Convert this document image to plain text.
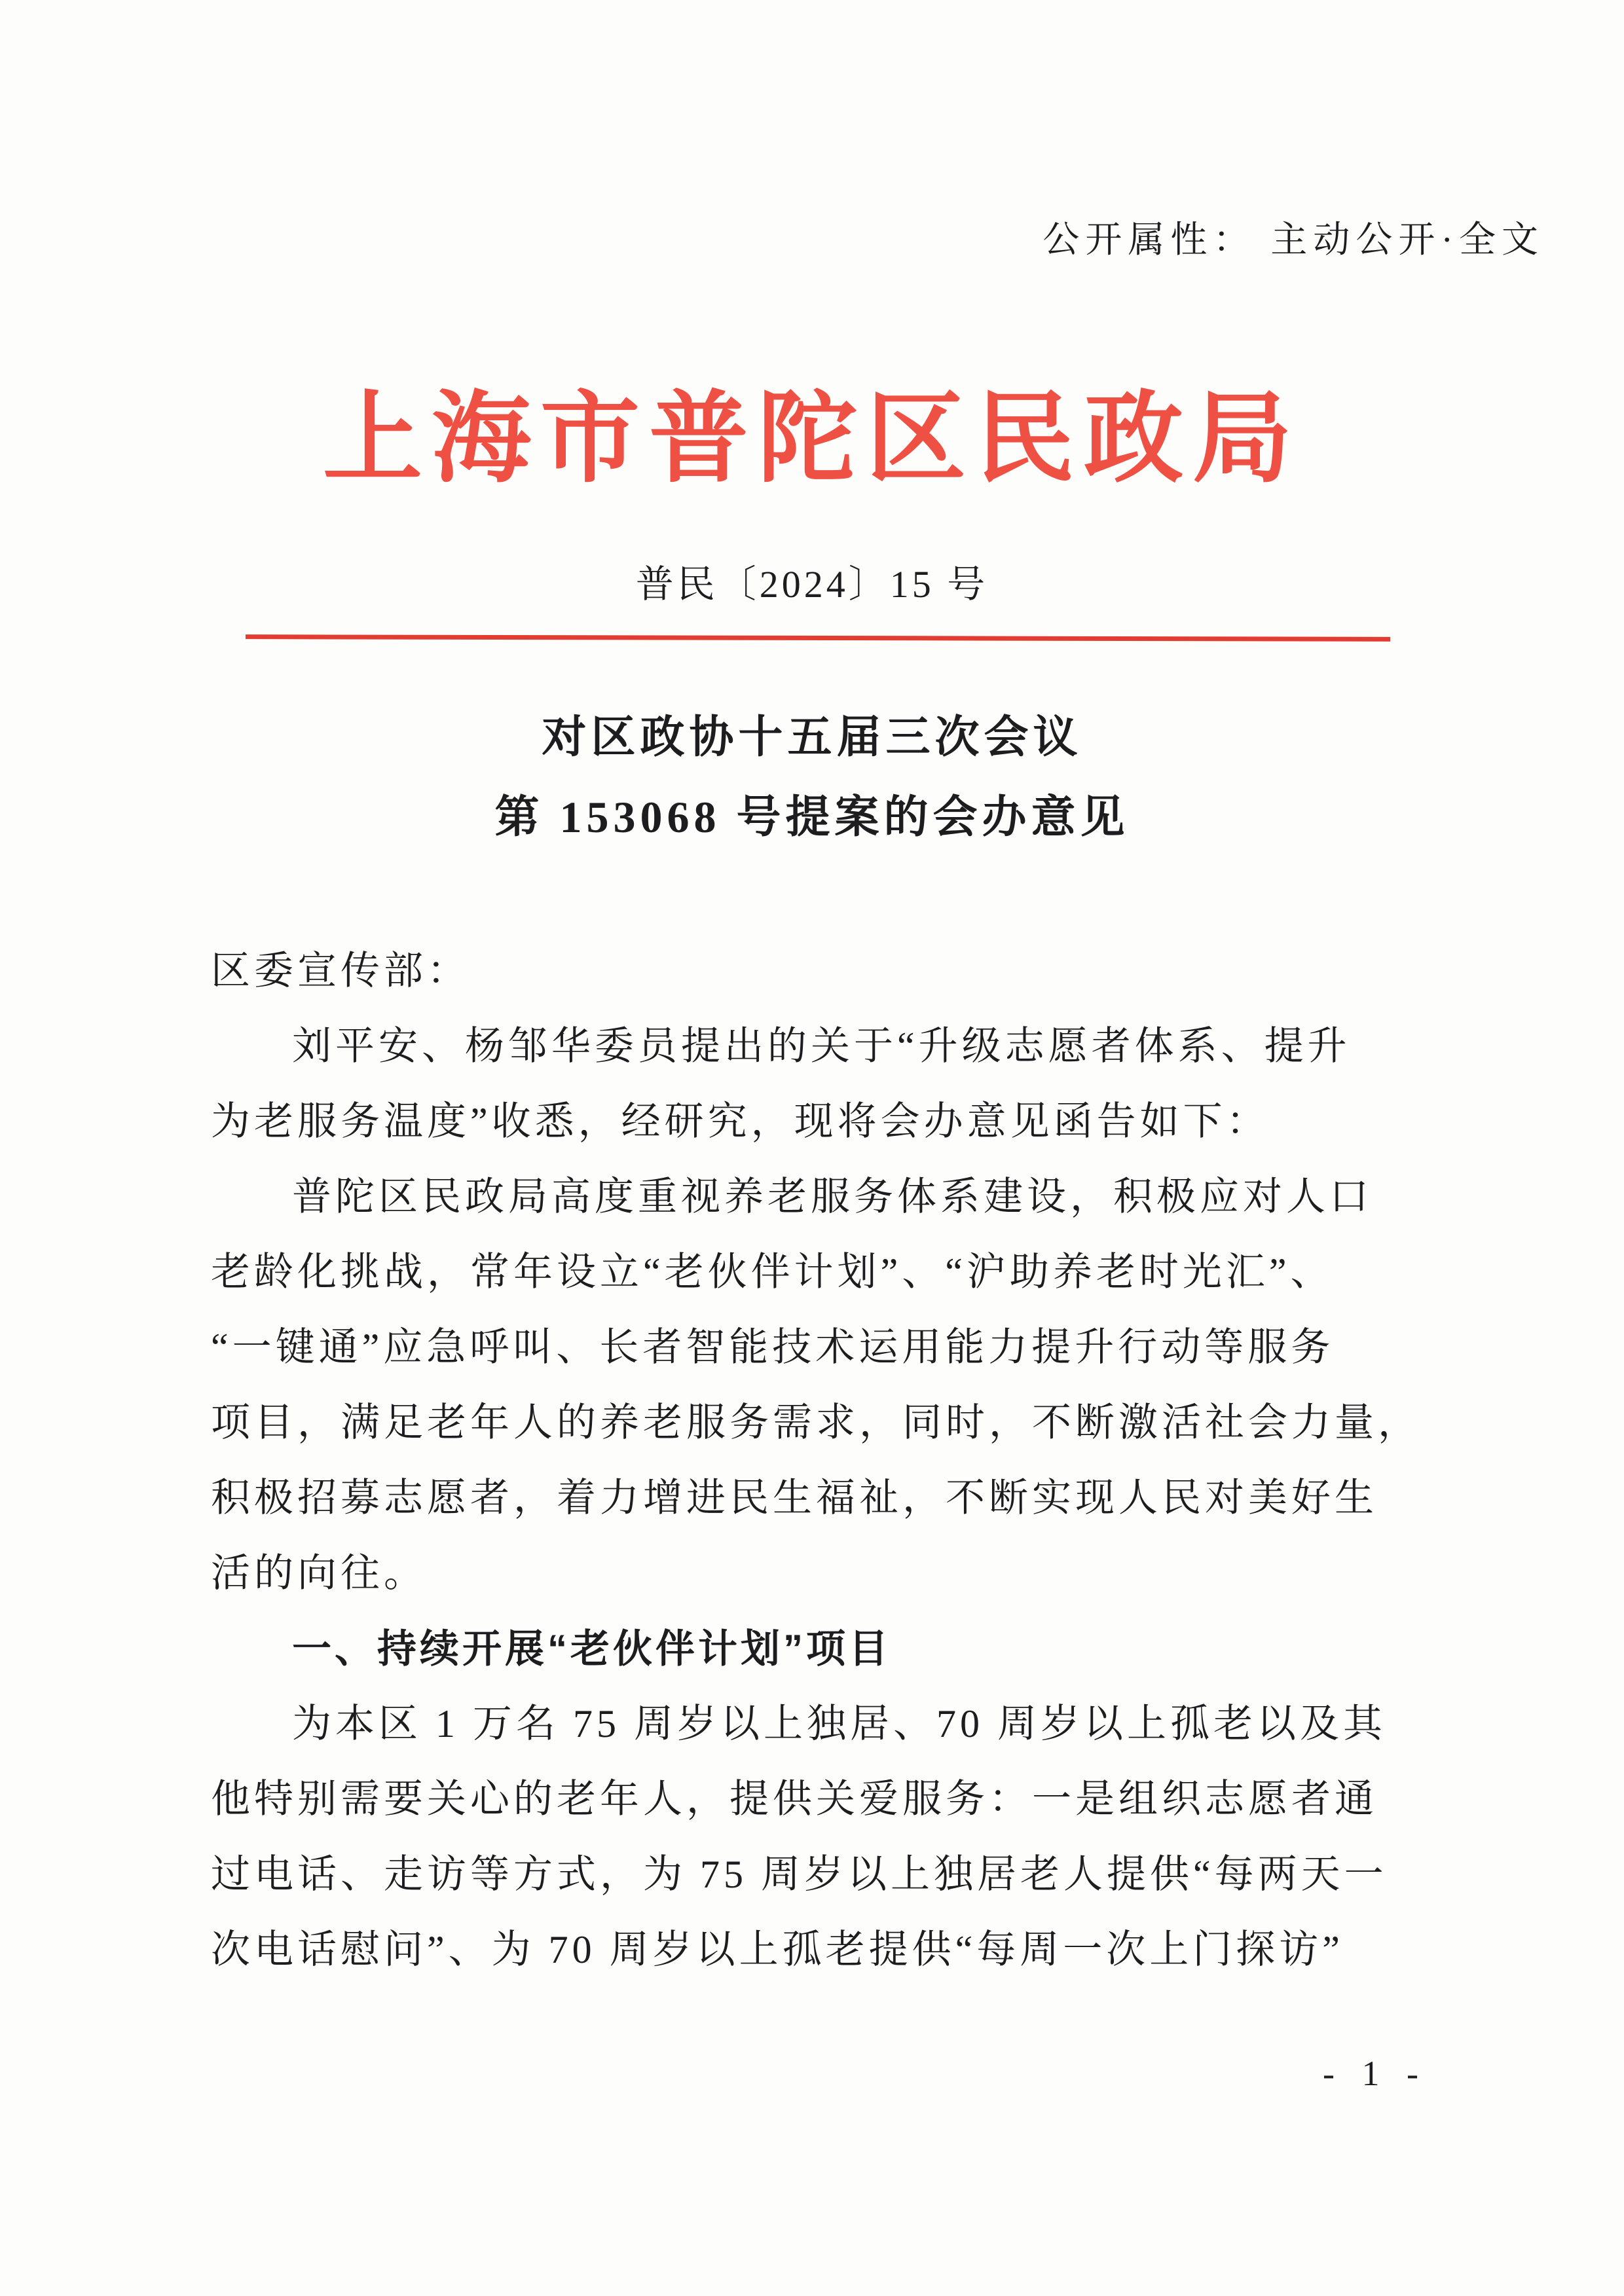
公开属性： 主动公开·全文
上海市普陀区民政局
普民〔2024〕15 号
对区政协十五届三次会议
第 153068 号提案的会办意见
区委宣传部：
刘平安、杨邹华委员提出的关于“升级志愿者体系、提升
为老服务温度”收悉，经研究，现将会办意见函告如下：
普陀区民政局高度重视养老服务体系建设，积极应对人口
老龄化挑战，常年设立“老伙伴计划”、“沪助养老时光汇”、
“一键通”应急呼叫、长者智能技术运用能力提升行动等服务
项目，满足老年人的养老服务需求，同时，不断激活社会力量，
积极招募志愿者，着力增进民生福祉，不断实现人民对美好生
活的向往。
一、持续开展“老伙伴计划”项目
为本区 1 万名 75 周岁以上独居、70 周岁以上孤老以及其
他特别需要关心的老年人，提供关爱服务：一是组织志愿者通
过电话、走访等方式，为 75 周岁以上独居老人提供“每两天一
次电话慰问”、为 70 周岁以上孤老提供“每周一次上门探访”
- 1 -
